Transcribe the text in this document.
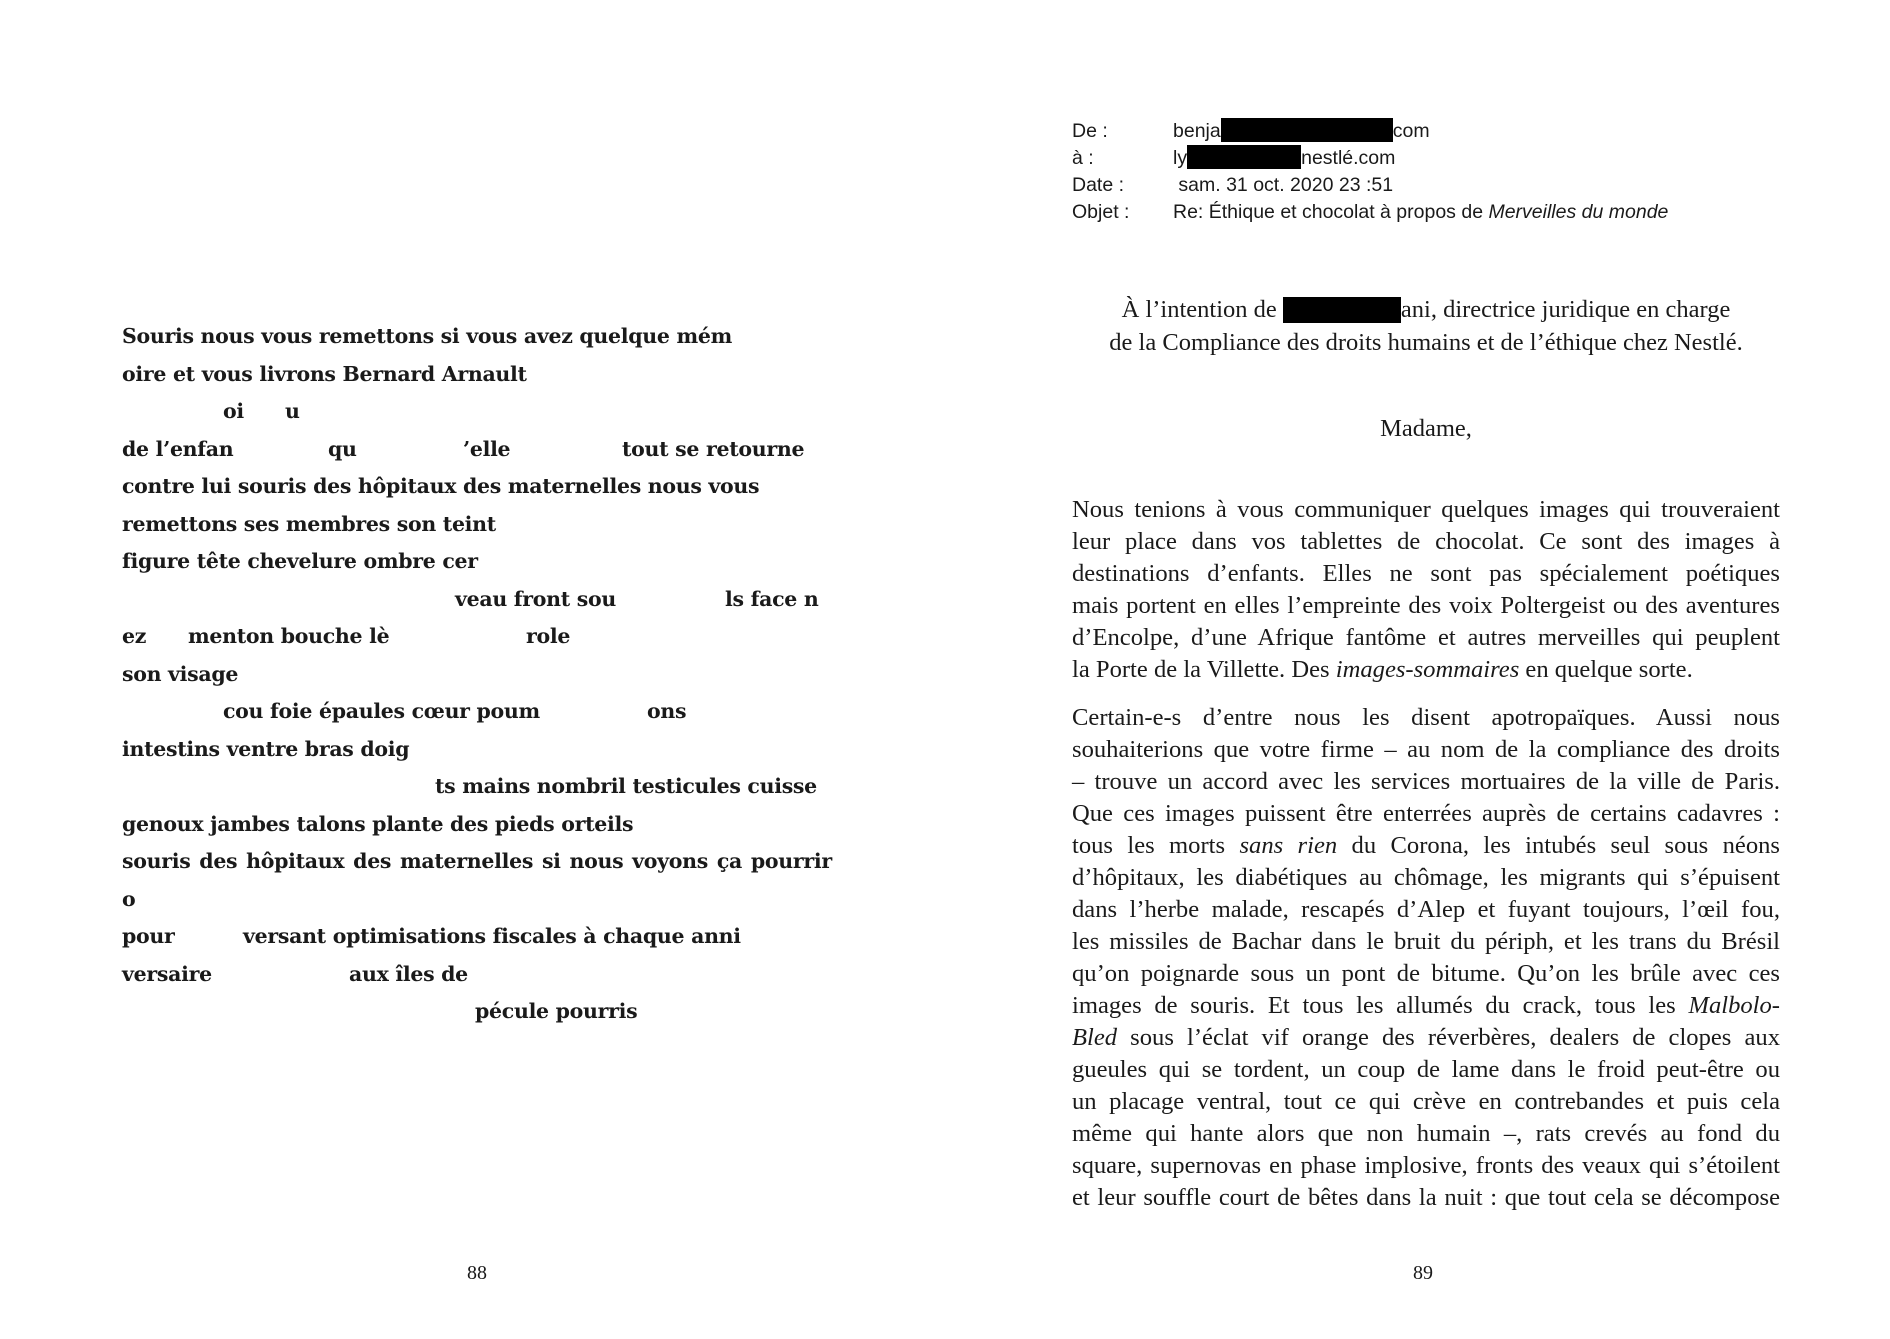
Souris nous vous remettons si vous avez quelque mém
oire et vous livrons Bernard Arnault
oi u
de l’enfan	qu	’elle	tout se retourne
contre lui souris des hôpitaux des maternelles nous vous
remettons ses membres son teint
figure tête chevelure ombre cer
veau front sou	ls face n
ez menton bouche lè	role
son visage
cou foie épaules cœur poum	ons
intestins ventre bras doig
ts mains nombril testicules cuisse
genoux jambes talons plante des pieds orteils
souris des hôpitaux des maternelles si nous voyons ça pourrir
o
pour	versant optimisations fiscales à chaque anni
versaire	aux îles de
pécule pourris
88

De :

	benja	com

à :

	ly	nestlé.com

Date :

	sam. 31 oct. 2020 23 :51

Objet :

Re: Éthique et chocolat à propos de Merveilles du monde

À l’intention de	ani, directrice juridique en charge
de la Compliance des droits humains et de l’éthique chez Nestlé.
Madame,
Nous tenions à vous communiquer quelques images qui trouveraient
leur place dans vos tablettes de chocolat. Ce sont des images à
destinations d’enfants. Elles ne sont pas spécialement poétiques
mais portent en elles l’empreinte des voix Poltergeist ou des aventures
d’Encolpe, d’une Afrique fantôme et autres merveilles qui peuplent
la Porte de la Villette. Des images-sommaires en quelque sorte.
Certain-e-s d’entre nous les disent apotropaïques. Aussi nous
souhaiterions que votre firme – au nom de la compliance des droits
– trouve un accord avec les services mortuaires de la ville de Paris.
Que ces images puissent être enterrées auprès de certains cadavres :
tous les morts sans rien du Corona, les intubés seul sous néons
d’hôpitaux, les diabétiques au chômage, les migrants qui s’épuisent
dans l’herbe malade, rescapés d’Alep et fuyant toujours, l’œil fou,
les missiles de Bachar dans le bruit du périph, et les trans du Brésil
qu’on poignarde sous un pont de bitume. Qu’on les brûle avec ces
images de souris. Et tous les allumés du crack, tous les Malbolo-
Bled sous l’éclat vif orange des réverbères, dealers de clopes aux
gueules qui se tordent, un coup de lame dans le froid peut-être ou
un placage ventral, tout ce qui crève en contrebandes et puis cela
même qui hante alors que non humain –, rats crevés au fond du
square, supernovas en phase implosive, fronts des veaux qui s’étoilent
et leur souffle court de bêtes dans la nuit : que tout cela se décompose
89
